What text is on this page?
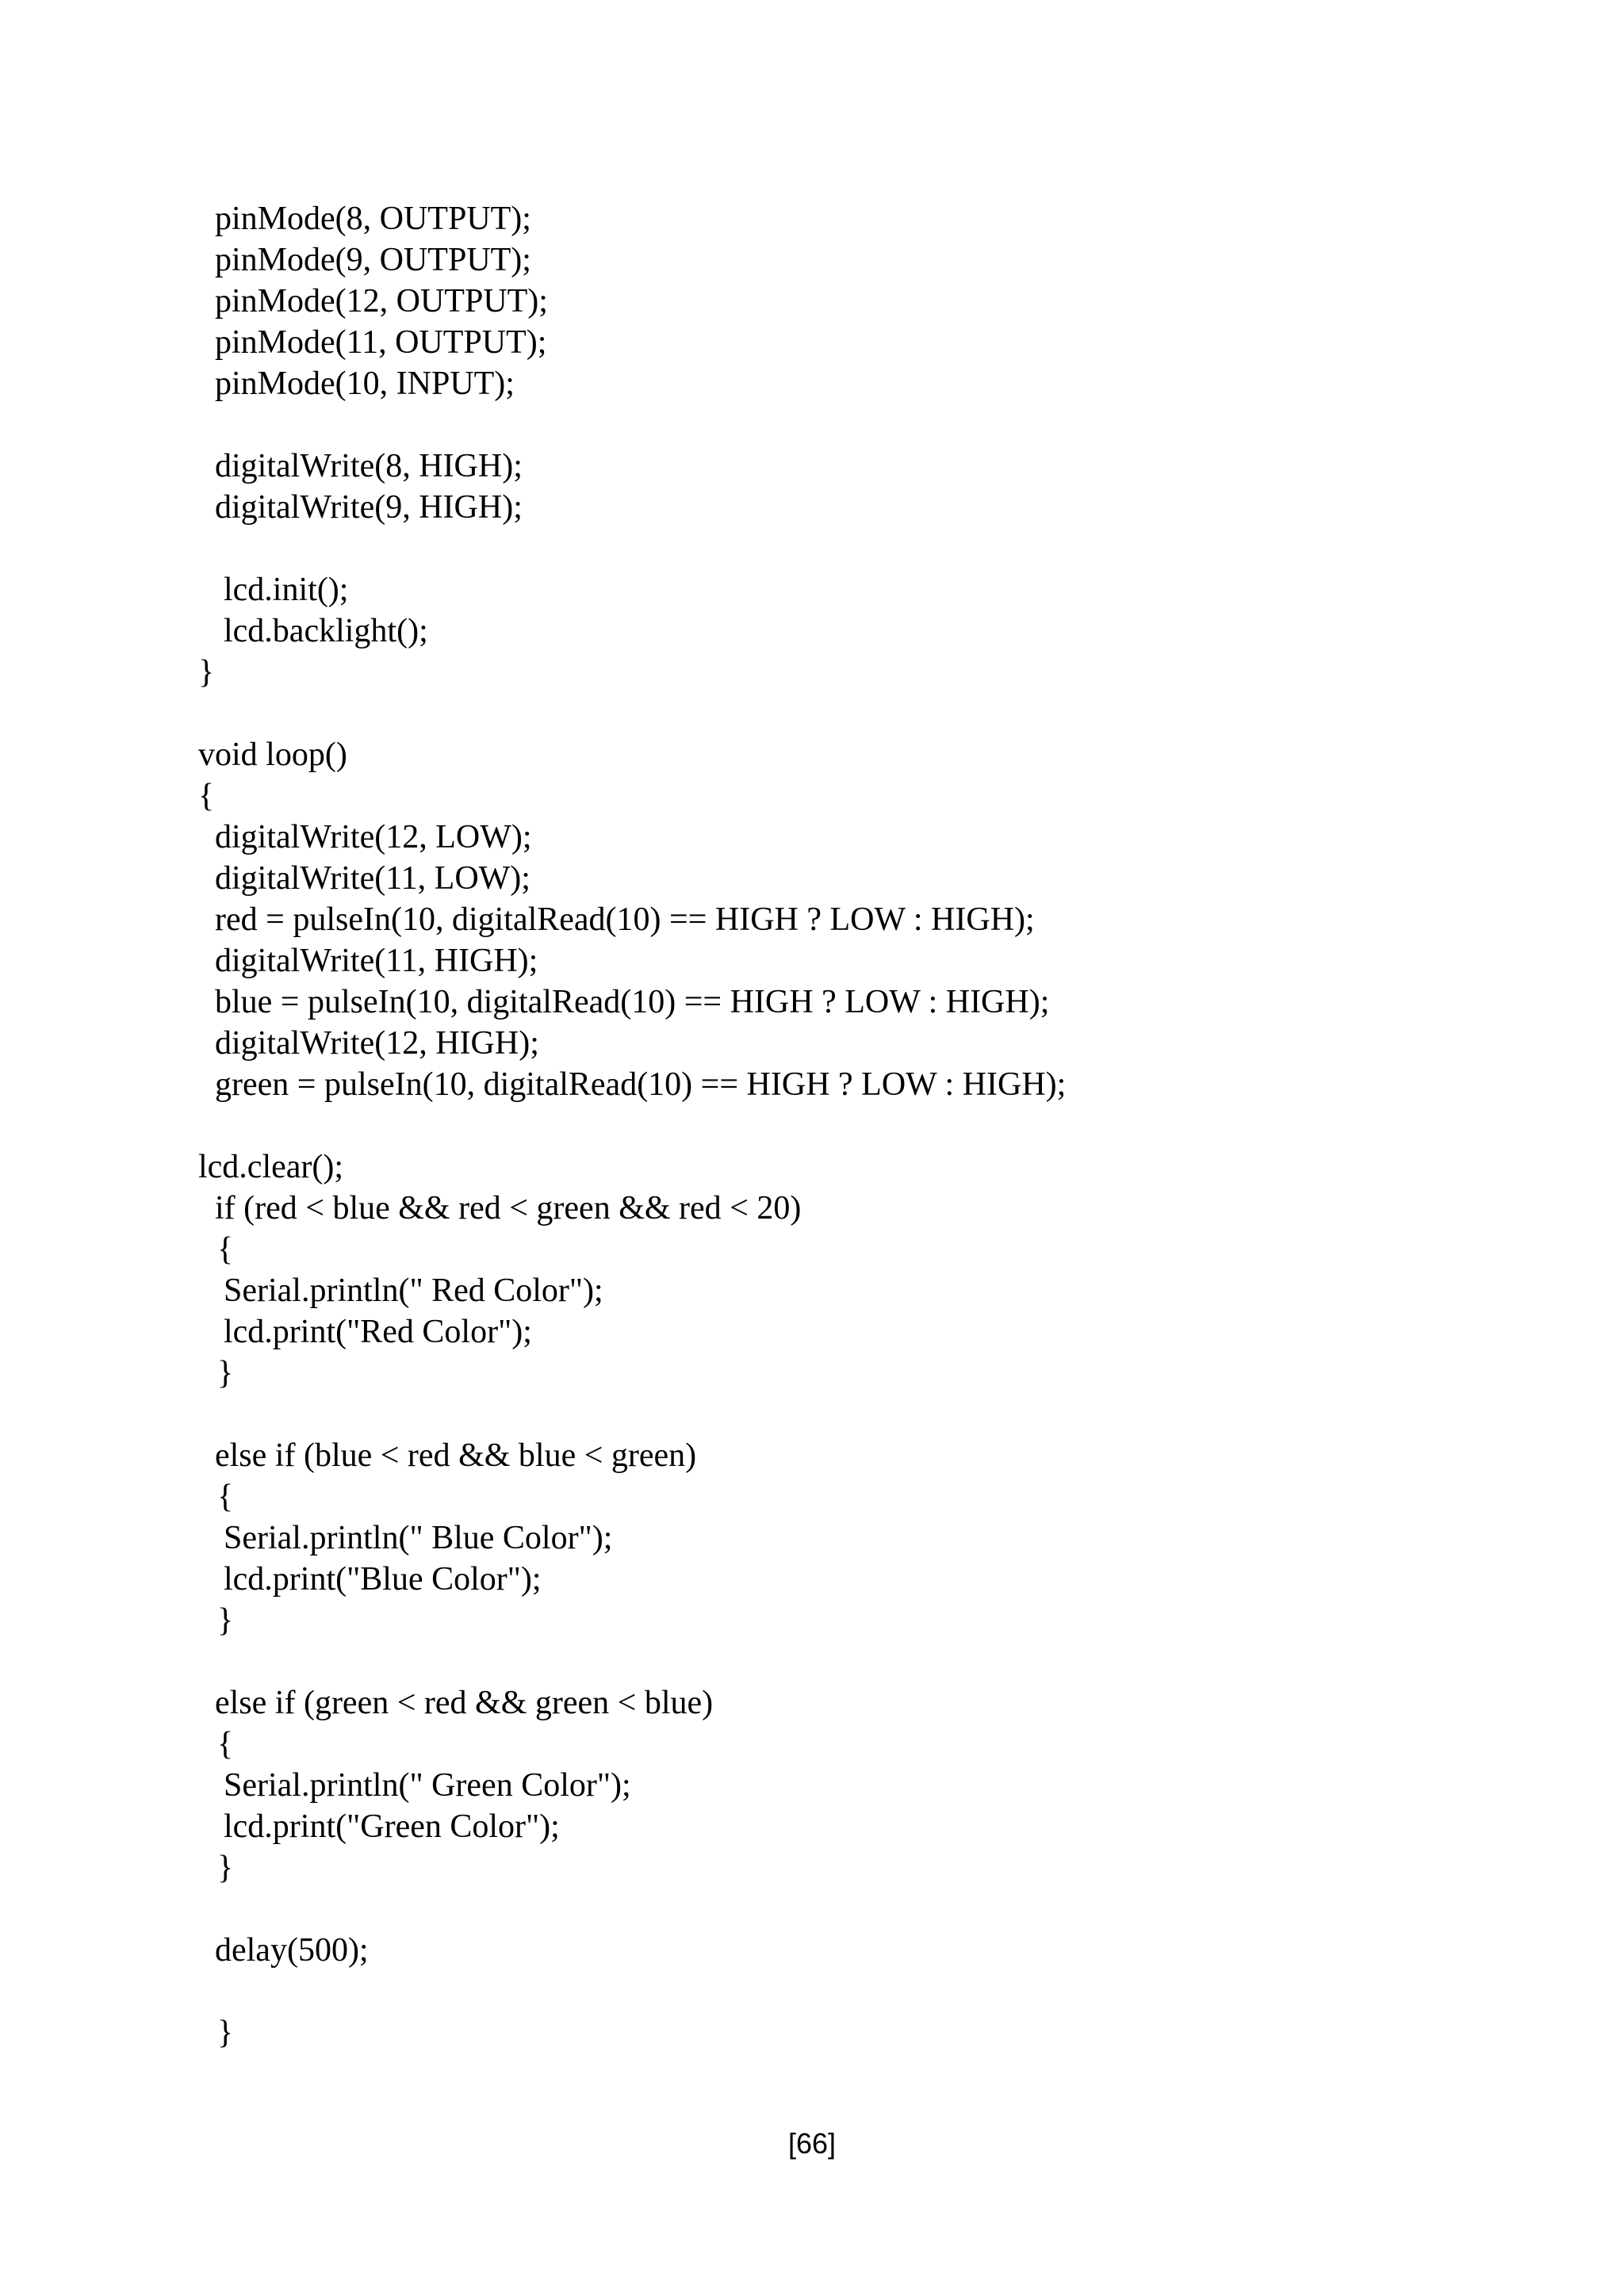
pinMode(8, OUTPUT);
pinMode(9, OUTPUT);
pinMode(12, OUTPUT);
pinMode(11, OUTPUT);
pinMode(10, INPUT);
digitalWrite(8, HIGH);
digitalWrite(9, HIGH);
lcd.init();
lcd.backlight();
}
void loop()
{
digitalWrite(12, LOW);
digitalWrite(11, LOW);
red = pulseIn(10, digitalRead(10) == HIGH ? LOW : HIGH);
digitalWrite(11, HIGH);
blue = pulseIn(10, digitalRead(10) == HIGH ? LOW : HIGH);
digitalWrite(12, HIGH);
green = pulseIn(10, digitalRead(10) == HIGH ? LOW : HIGH);
lcd.clear();
if (red < blue && red < green && red < 20)
{
Serial.println(" Red Color");
lcd.print("Red Color");
}
else if (blue < red && blue < green)
{
Serial.println(" Blue Color");
lcd.print("Blue Color");
}
else if (green < red && green < blue)
{
Serial.println(" Green Color");
lcd.print("Green Color");
}
delay(500);
}
[66]
